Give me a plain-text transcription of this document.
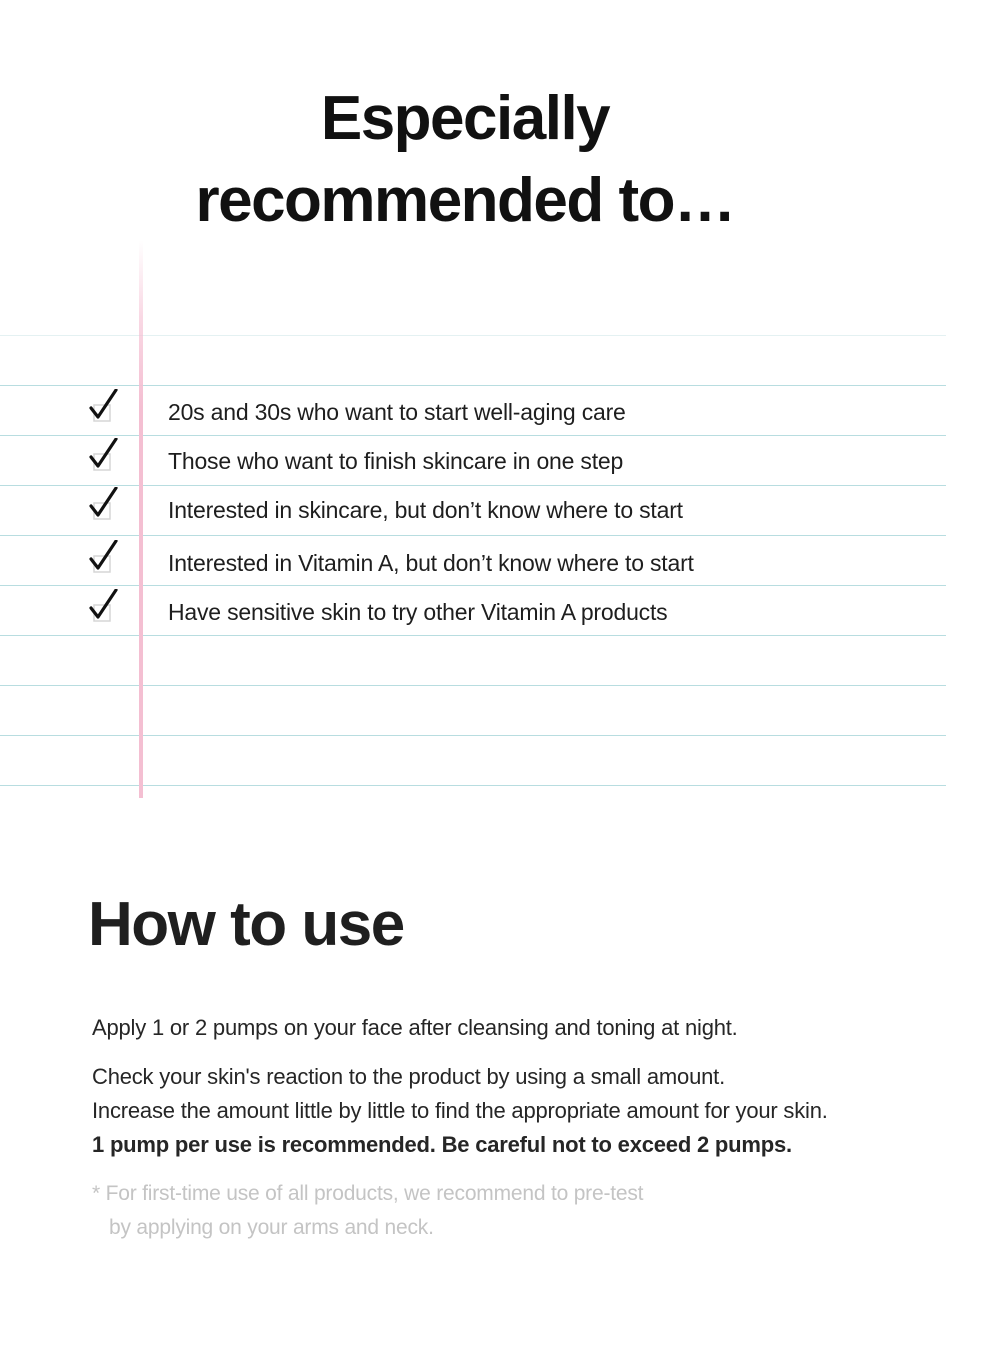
Especially
recommended to…
20s and 30s who want to start well-aging care
Those who want to finish skincare in one step
Interested in skincare, but don’t know where to start
Interested in Vitamin A, but don’t know where to start
Have sensitive skin to try other Vitamin A products
How to use

Apply 1 or 2 pumps on your face after cleansing and toning at night.

Check your skin's reaction to the product by using a small amount.
Increase the amount little by little to find the appropriate amount for your skin.
1 pump per use is recommended. Be careful not to exceed 2 pumps.

* For first-time use of all products, we recommend to pre-test
by applying on your arms and neck.
